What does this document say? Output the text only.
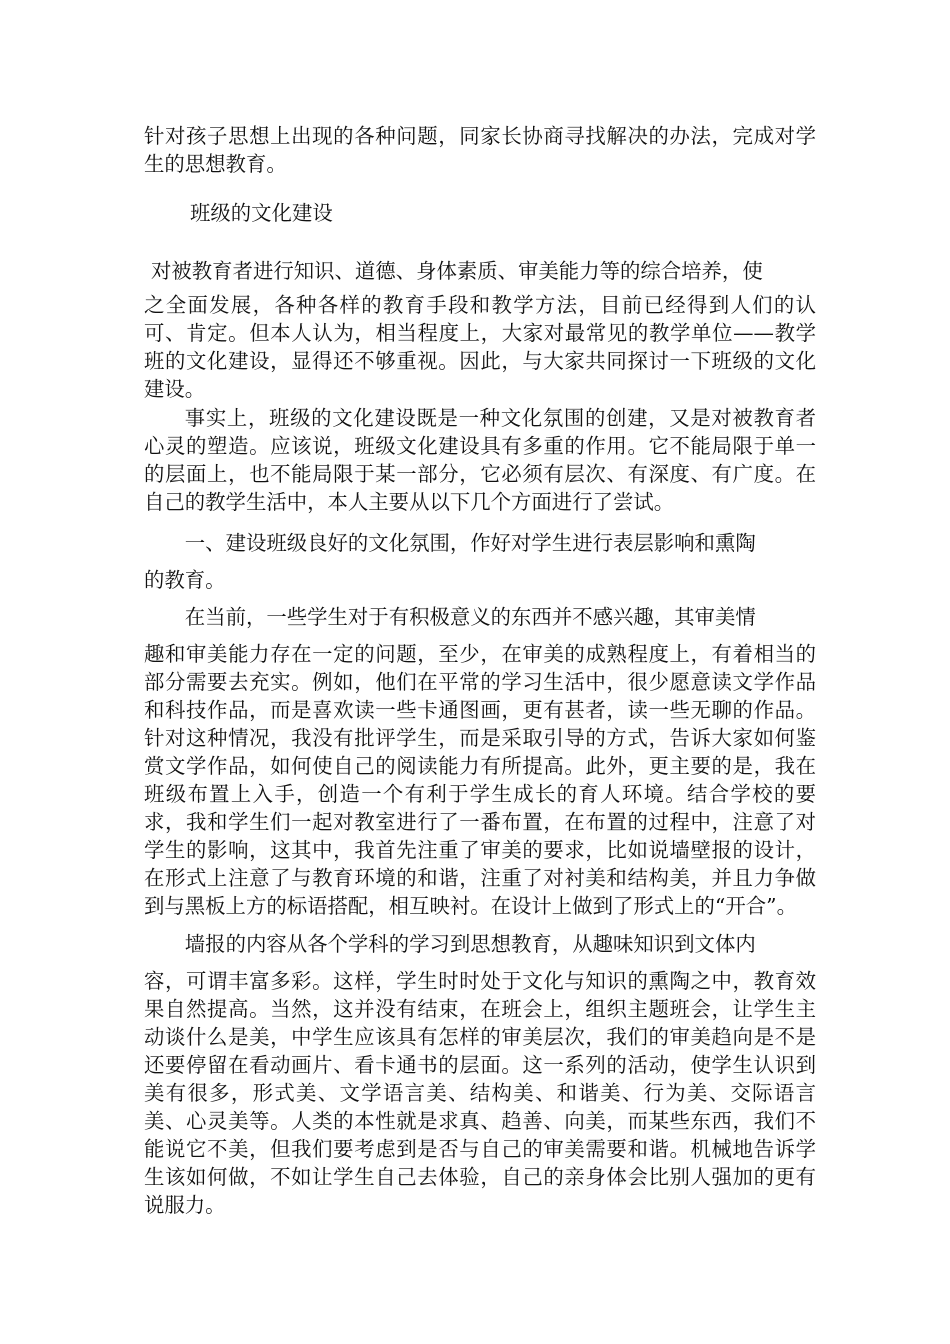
针对孩子思想上出现的各种问题，同家长协商寻找解决的办法，完成对学生的思想教育。

班级的文化建设

对被教育者进行知识、道德、身体素质、审美能力等的综合培养，使

之全面发展，各种各样的教育手段和教学方法，目前已经得到人们的认可、肯定。但本人认为，相当程度上，大家对最常见的教学单位——教学班的文化建设，显得还不够重视。因此，与大家共同探讨一下班级的文化建设。

事实上，班级的文化建设既是一种文化氛围的创建，又是对被教育者心灵的塑造。应该说，班级文化建设具有多重的作用。它不能局限于单一的层面上，也不能局限于某一部分，它必须有层次、有深度、有广度。在自己的教学生活中，本人主要从以下几个方面进行了尝试。

一、建设班级良好的文化氛围，作好对学生进行表层影响和熏陶

的教育。

在当前，一些学生对于有积极意义的东西并不感兴趣，其审美情

趣和审美能力存在一定的问题，至少，在审美的成熟程度上，有着相当的部分需要去充实。例如，他们在平常的学习生活中，很少愿意读文学作品和科技作品，而是喜欢读一些卡通图画，更有甚者，读一些无聊的作品。针对这种情况，我没有批评学生，而是采取引导的方式，告诉大家如何鉴赏文学作品，如何使自己的阅读能力有所提高。此外，更主要的是，我在班级布置上入手，创造一个有利于学生成长的育人环境。结合学校的要求，我和学生们一起对教室进行了一番布置，在布置的过程中，注意了对学生的影响，这其中，我首先注重了审美的要求，比如说墙壁报的设计，在形式上注意了与教育环境的和谐，注重了对衬美和结构美，并且力争做到与黑板上方的标语搭配，相互映衬。在设计上做到了形式上的“开合”。

墙报的内容从各个学科的学习到思想教育，从趣味知识到文体内

容，可谓丰富多彩。这样，学生时时处于文化与知识的熏陶之中，教育效果自然提高。当然，这并没有结束，在班会上，组织主题班会，让学生主动谈什么是美，中学生应该具有怎样的审美层次，我们的审美趋向是不是还要停留在看动画片、看卡通书的层面。这一系列的活动，使学生认识到美有很多，形式美、文学语言美、结构美、和谐美、行为美、交际语言美、心灵美等。人类的本性就是求真、趋善、向美，而某些东西，我们不能说它不美，但我们要考虑到是否与自己的审美需要和谐。机械地告诉学生该如何做，不如让学生自己去体验，自己的亲身体会比别人强加的更有说服力。
